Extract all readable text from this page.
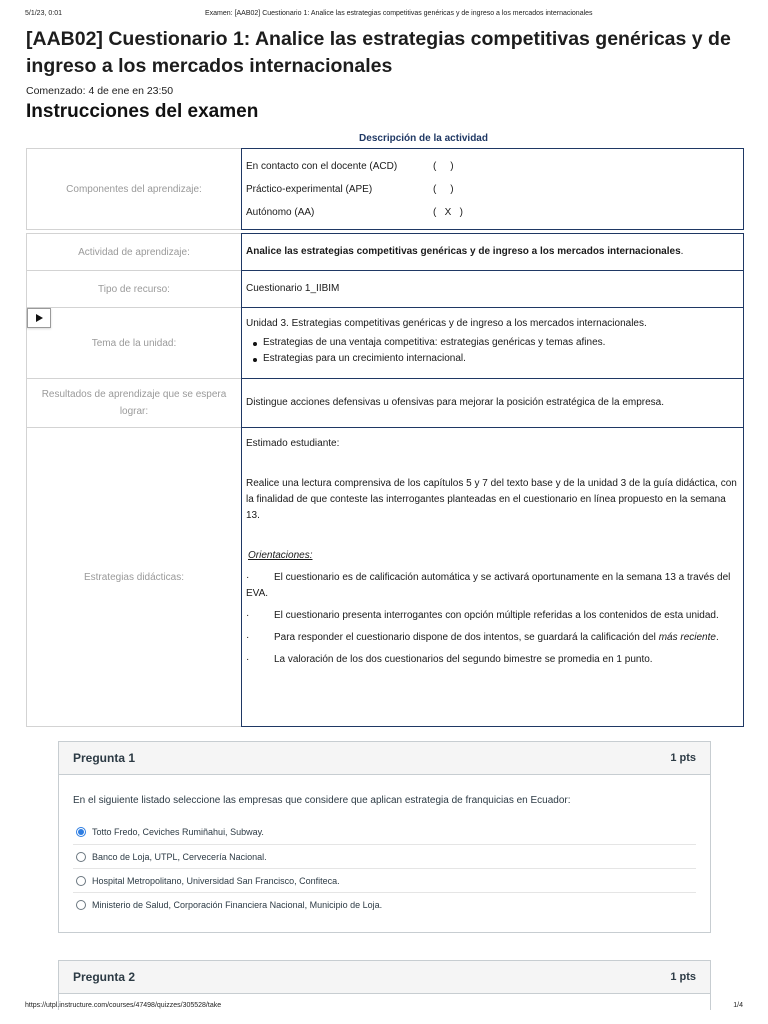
5/1/23, 0:01	Examen: [AAB02] Cuestionario 1: Analice las estrategias competitivas genéricas y de ingreso a los mercados internacionales
[AAB02] Cuestionario 1: Analice las estrategias competitivas genéricas y de ingreso a los mercados internacionales
Comenzado: 4 de ene en 23:50
Instrucciones del examen
Descripción de la actividad
Componentes del aprendizaje:
En contacto con el docente (ACD)	(     )
Práctico-experimental (APE)	(     )
Autónomo (AA)	(   X   )
Actividad de aprendizaje:	Analice las estrategias competitivas genéricas y de ingreso a los mercados internacionales.
Tipo de recurso:	Cuestionario 1_IIBIM
Tema de la unidad:
Unidad 3. Estrategias competitivas genéricas y de ingreso a los mercados internacionales.
Estrategias de una ventaja competitiva: estrategias genéricas y temas afines.
Estrategias para un crecimiento internacional.
Resultados de aprendizaje que se espera lograr:
Distingue acciones defensivas u ofensivas para mejorar la posición estratégica de la empresa.
Estrategias didácticas:

Estimado estudiante:

Realice una lectura comprensiva de los capítulos 5 y 7 del texto base y de la unidad 3 de la guía didáctica, con la finalidad de que conteste las interrogantes planteadas en el cuestionario en línea propuesto en la semana 13.

Orientaciones:

· El cuestionario es de calificación automática y se activará oportunamente en la semana 13 a través del EVA.

· El cuestionario presenta interrogantes con opción múltiple referidas a los contenidos de esta unidad.

· Para responder el cuestionario dispone de dos intentos, se guardará la calificación del más reciente.

· La valoración de los dos cuestionarios del segundo bimestre se promedia en 1 punto.

Pregunta 1	1 pts
En el siguiente listado seleccione las empresas que considere que aplican estrategia de franquicias en Ecuador:
Totto Fredo, Ceviches Rumiñahui, Subway.
Banco de Loja, UTPL, Cervecería Nacional.
Hospital Metropolitano, Universidad San Francisco, Confiteca.
Ministerio de Salud, Corporación Financiera Nacional, Municipio de Loja.
Pregunta 2	1 pts
https://utpl.instructure.com/courses/47498/quizzes/305528/take	1/4
